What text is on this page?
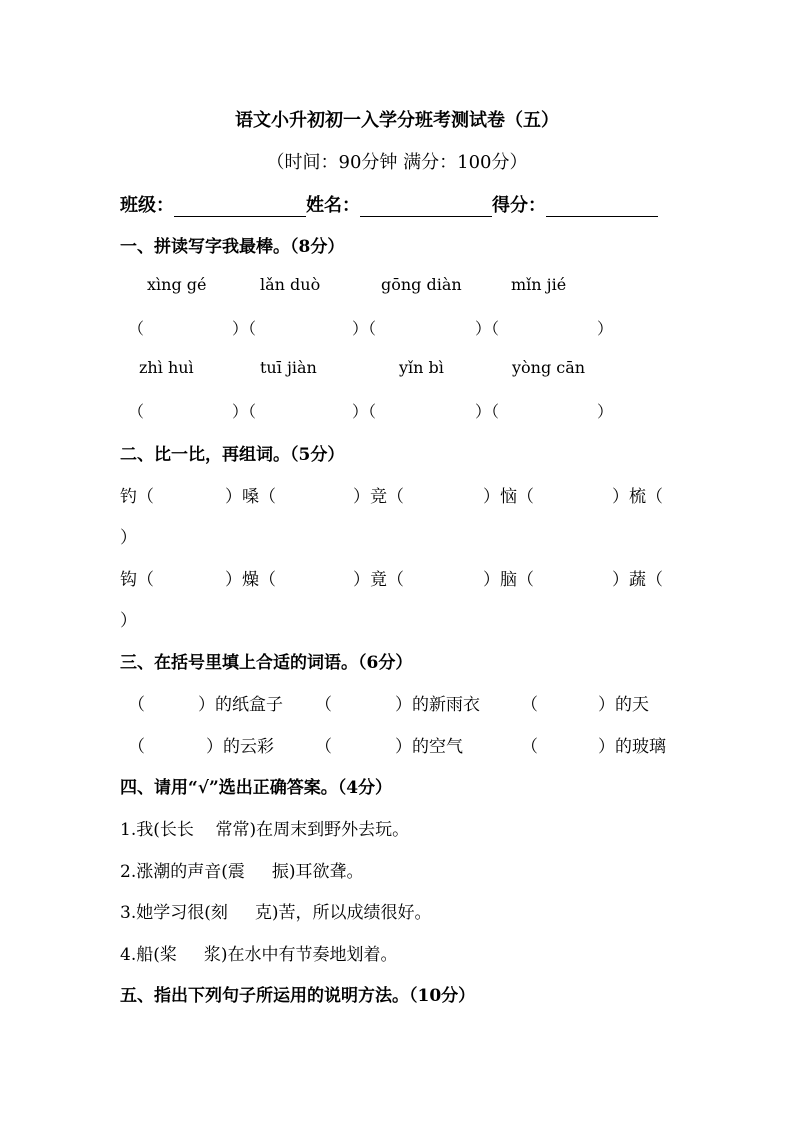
语文小升初初一入学分班考测试卷（五）
（时间：90分钟 满分：100分）
班级：	姓名：	得分：
一、拼读写字我最棒。（8分）
xìng gé	lǎn duò	gōng diàn	mǐn jié
（	）（	）（	）（	）
zhì huì	tuī jiàn	yǐn bì	yòng cān
（	）（	）（	）（	）
二、比一比，再组词。（5分）
钓（	）嗓（	）竞（	）恼（	）梳（
）
钩（	）燥（	）竟（	）脑（	）蔬（
）
三、在括号里填上合适的词语。（6分）
（	）的纸盒子 （	）的新雨衣 （	）的天
（	）的云彩 （	）的空气	（	）的玻璃
四、请用“√”选出正确答案。（4分）
1.我(长长    常常)在周末到野外去玩。
2.涨潮的声音(震     振)耳欲聋。
3.她学习很(刻     克)苦，所以成绩很好。
4.船(桨     浆)在水中有节奏地划着。
五、指出下列句子所运用的说明方法。（10分）
